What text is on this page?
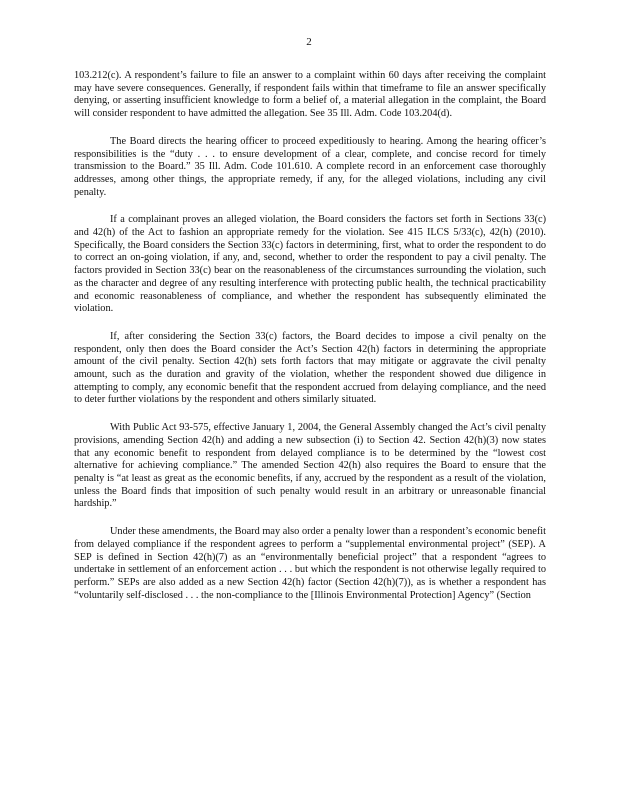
2

103.212(c). A respondent’s failure to file an answer to a complaint within 60 days after receiving the complaint may have severe consequences. Generally, if respondent fails within that timeframe to file an answer specifically denying, or asserting insufficient knowledge to form a belief of, a material allegation in the complaint, the Board will consider respondent to have admitted the allegation. See 35 Ill. Adm. Code 103.204(d).

The Board directs the hearing officer to proceed expeditiously to hearing. Among the hearing officer’s responsibilities is the “duty . . . to ensure development of a clear, complete, and concise record for timely transmission to the Board.” 35 Ill. Adm. Code 101.610. A complete record in an enforcement case thoroughly addresses, among other things, the appropriate remedy, if any, for the alleged violations, including any civil penalty.

If a complainant proves an alleged violation, the Board considers the factors set forth in Sections 33(c) and 42(h) of the Act to fashion an appropriate remedy for the violation. See 415 ILCS 5/33(c), 42(h) (2010). Specifically, the Board considers the Section 33(c) factors in determining, first, what to order the respondent to do to correct an on-going violation, if any, and, second, whether to order the respondent to pay a civil penalty. The factors provided in Section 33(c) bear on the reasonableness of the circumstances surrounding the violation, such as the character and degree of any resulting interference with protecting public health, the technical practicability and economic reasonableness of compliance, and whether the respondent has subsequently eliminated the violation.

If, after considering the Section 33(c) factors, the Board decides to impose a civil penalty on the respondent, only then does the Board consider the Act’s Section 42(h) factors in determining the appropriate amount of the civil penalty. Section 42(h) sets forth factors that may mitigate or aggravate the civil penalty amount, such as the duration and gravity of the violation, whether the respondent showed due diligence in attempting to comply, any economic benefit that the respondent accrued from delaying compliance, and the need to deter further violations by the respondent and others similarly situated.

With Public Act 93-575, effective January 1, 2004, the General Assembly changed the Act’s civil penalty provisions, amending Section 42(h) and adding a new subsection (i) to Section 42. Section 42(h)(3) now states that any economic benefit to respondent from delayed compliance is to be determined by the “lowest cost alternative for achieving compliance.” The amended Section 42(h) also requires the Board to ensure that the penalty is “at least as great as the economic benefits, if any, accrued by the respondent as a result of the violation, unless the Board finds that imposition of such penalty would result in an arbitrary or unreasonable financial hardship.”

Under these amendments, the Board may also order a penalty lower than a respondent’s economic benefit from delayed compliance if the respondent agrees to perform a “supplemental environmental project” (SEP). A SEP is defined in Section 42(h)(7) as an “environmentally beneficial project” that a respondent “agrees to undertake in settlement of an enforcement action . . . but which the respondent is not otherwise legally required to perform.” SEPs are also added as a new Section 42(h) factor (Section 42(h)(7)), as is whether a respondent has “voluntarily self-disclosed . . . the non-compliance to the [Illinois Environmental Protection] Agency” (Section
